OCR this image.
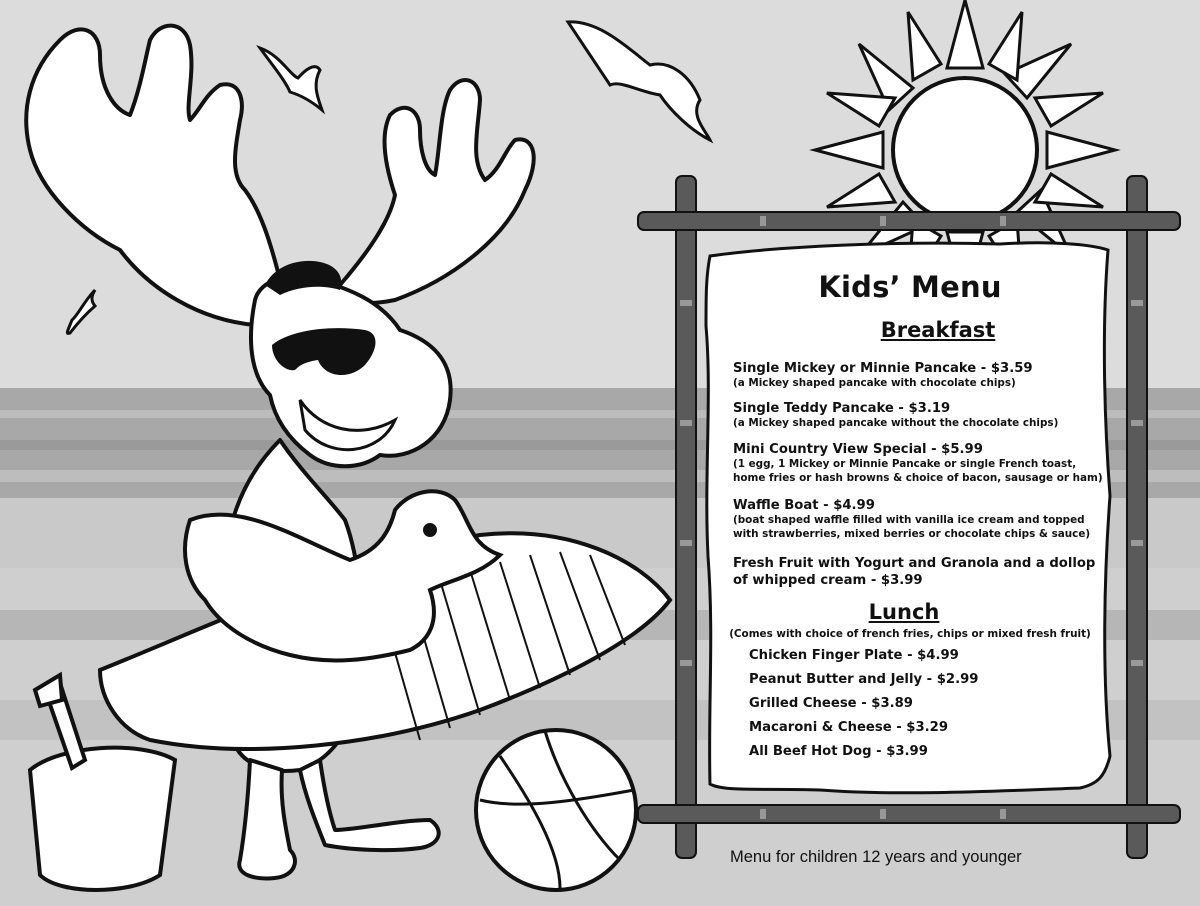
Kids’ Menu
Breakfast
Single Mickey or Minnie Pancake - $3.59
(a Mickey shaped pancake with chocolate chips)
Single Teddy Pancake - $3.19
(a Mickey shaped pancake without the chocolate chips)
Mini Country View Special - $5.99
(1 egg, 1 Mickey or Minnie Pancake or single French toast,
home fries or hash browns & choice of bacon, sausage or ham)
Waffle Boat - $4.99
(boat shaped waffle filled with vanilla ice cream and topped
with strawberries, mixed berries or chocolate chips & sauce)
Fresh Fruit with Yogurt and Granola and a dollop
of whipped cream - $3.99
Lunch
(Comes with choice of french fries, chips or mixed fresh fruit)
Chicken Finger Plate - $4.99
Peanut Butter and Jelly - $2.99
Grilled Cheese - $3.89
Macaroni & Cheese - $3.29
All Beef Hot Dog - $3.99
Menu for children 12 years and younger
